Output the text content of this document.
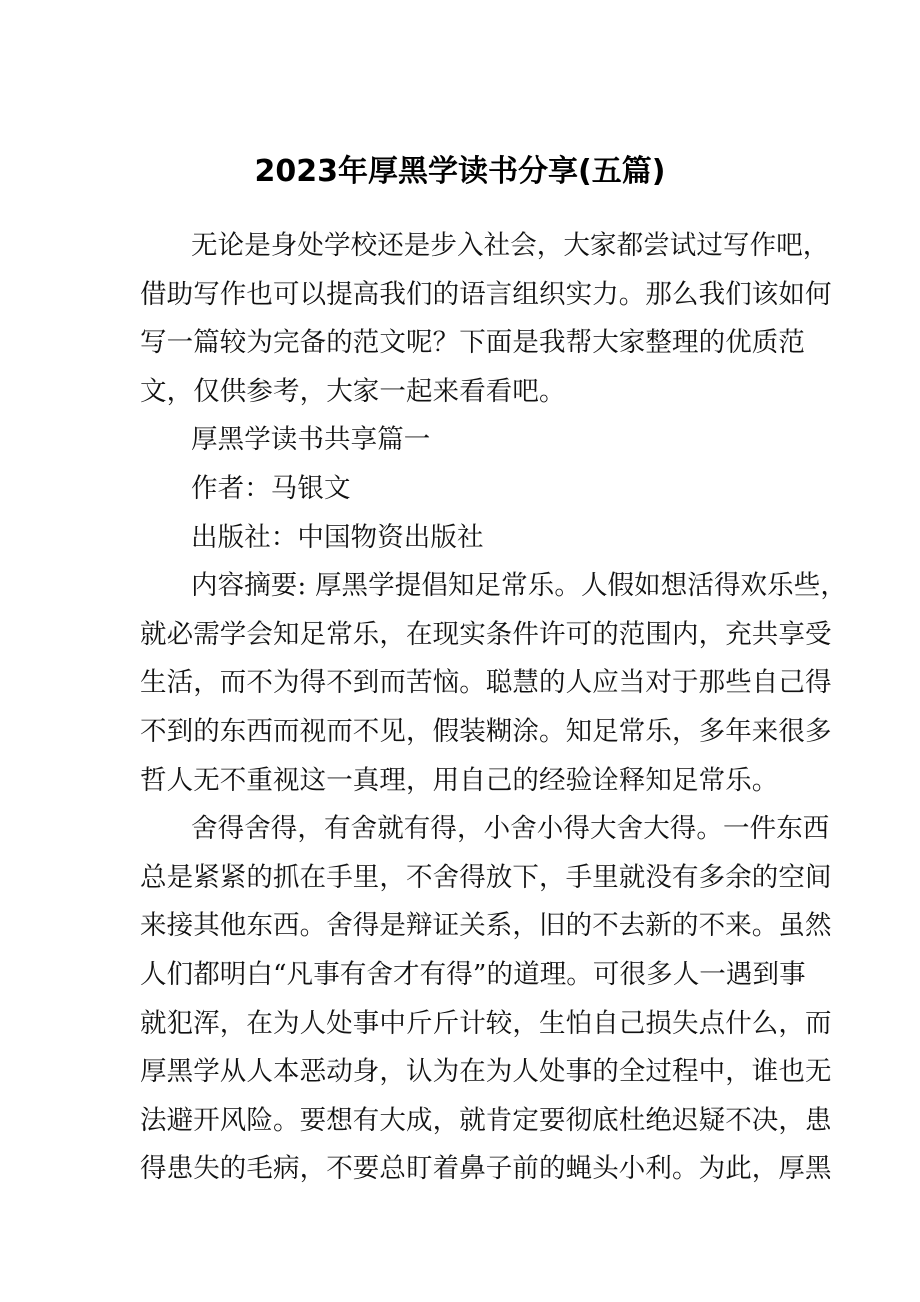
2023年厚黑学读书分享(五篇)
无论是身处学校还是步入社会，大家都尝试过写作吧，
借助写作也可以提高我们的语言组织实力。那么我们该如何
写一篇较为完备的范文呢？下面是我帮大家整理的优质范
文，仅供参考，大家一起来看看吧。
厚黑学读书共享篇一
作者：马银文
出版社：中国物资出版社
内容摘要: 厚黑学提倡知足常乐。人假如想活得欢乐些，
就必需学会知足常乐，在现实条件许可的范围内，充共享受
生活，而不为得不到而苦恼。聪慧的人应当对于那些自己得
不到的东西而视而不见，假装糊涂。知足常乐，多年来很多
哲人无不重视这一真理，用自己的经验诠释知足常乐。
舍得舍得，有舍就有得，小舍小得大舍大得。一件东西
总是紧紧的抓在手里，不舍得放下，手里就没有多余的空间
来接其他东西。舍得是辩证关系，旧的不去新的不来。虽然
人们都明白“凡事有舍才有得”的道理。可很多人一遇到事
就犯浑，在为人处事中斤斤计较，生怕自己损失点什么，而
厚黑学从人本恶动身，认为在为人处事的全过程中，谁也无
法避开风险。要想有大成，就肯定要彻底杜绝迟疑不决，患
得患失的毛病，不要总盯着鼻子前的蝇头小利。为此，厚黑
